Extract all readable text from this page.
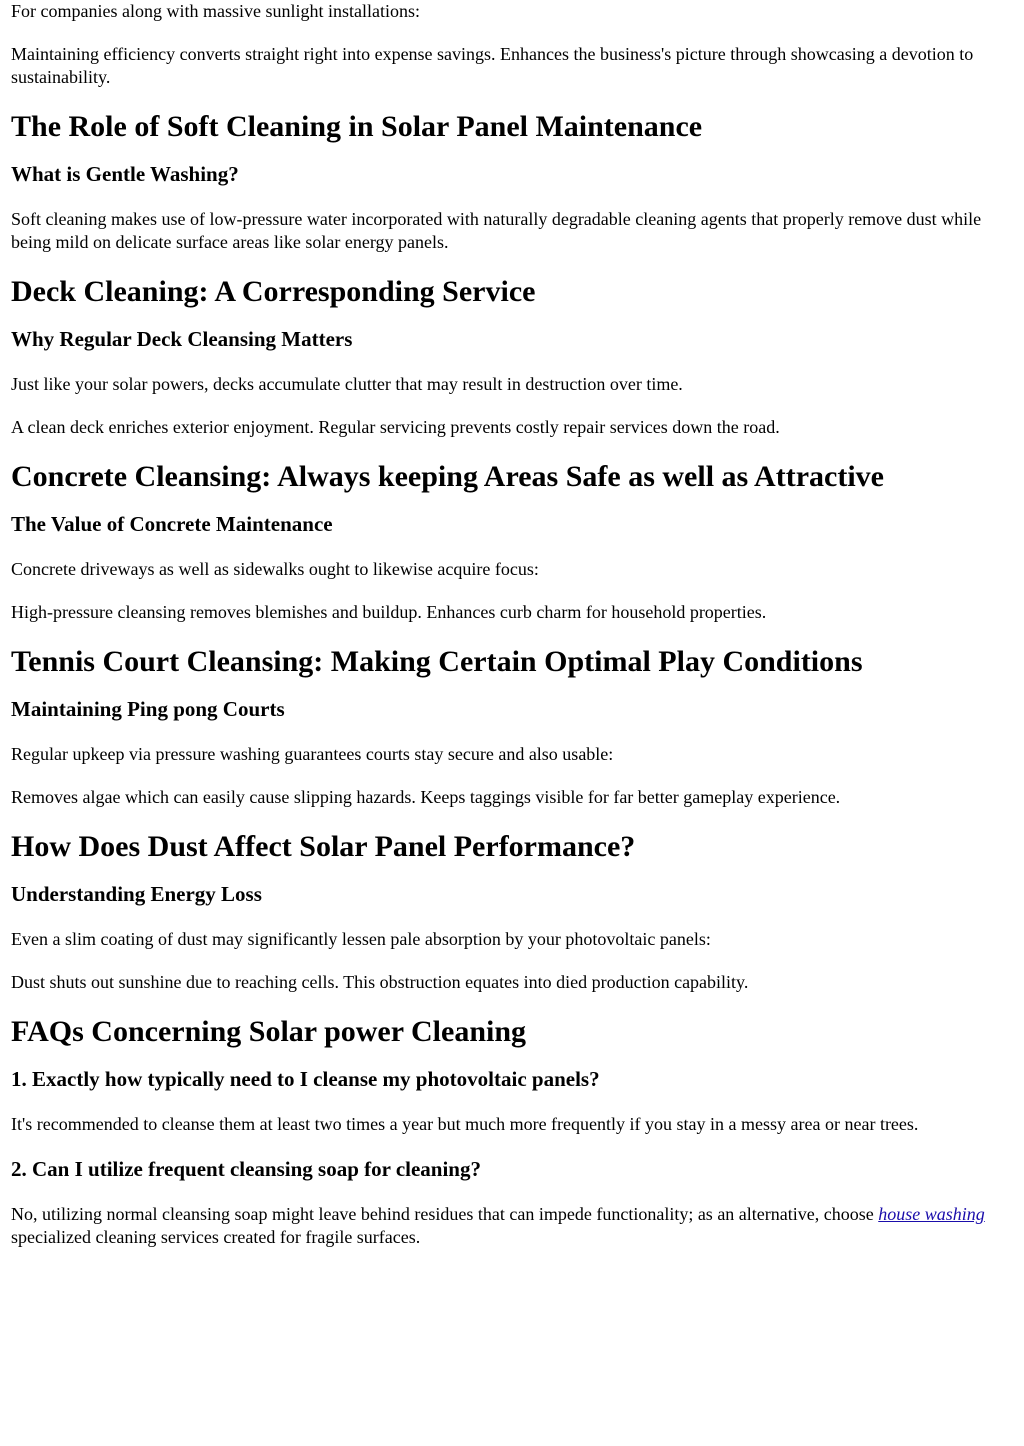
For companies along with massive sunlight installations:

Maintaining efficiency converts straight right into expense savings. Enhances the business's picture through showcasing a devotion to sustainability.

The Role of Soft Cleaning in Solar Panel Maintenance
What is Gentle Washing?

Soft cleaning makes use of low-pressure water incorporated with naturally degradable cleaning agents that properly remove dust while being mild on delicate surface areas like solar energy panels.

Deck Cleaning: A Corresponding Service
Why Regular Deck Cleansing Matters

Just like your solar powers, decks accumulate clutter that may result in destruction over time.

A clean deck enriches exterior enjoyment. Regular servicing prevents costly repair services down the road.

Concrete Cleansing: Always keeping Areas Safe as well as Attractive
The Value of Concrete Maintenance

Concrete driveways as well as sidewalks ought to likewise acquire focus:

High-pressure cleansing removes blemishes and buildup. Enhances curb charm for household properties.

Tennis Court Cleansing: Making Certain Optimal Play Conditions
Maintaining Ping pong Courts

Regular upkeep via pressure washing guarantees courts stay secure and also usable:

Removes algae which can easily cause slipping hazards. Keeps taggings visible for far better gameplay experience.

How Does Dust Affect Solar Panel Performance?
Understanding Energy Loss

Even a slim coating of dust may significantly lessen pale absorption by your photovoltaic panels:

Dust shuts out sunshine due to reaching cells. This obstruction equates into died production capability.

FAQs Concerning Solar power Cleaning
1. Exactly how typically need to I cleanse my photovoltaic panels?

It's recommended to cleanse them at least two times a year but much more frequently if you stay in a messy area or near trees.

2. Can I utilize frequent cleansing soap for cleaning?

No, utilizing normal cleansing soap might leave behind residues that can impede functionality; as an alternative, choose house washing specialized cleaning services created for fragile surfaces.
